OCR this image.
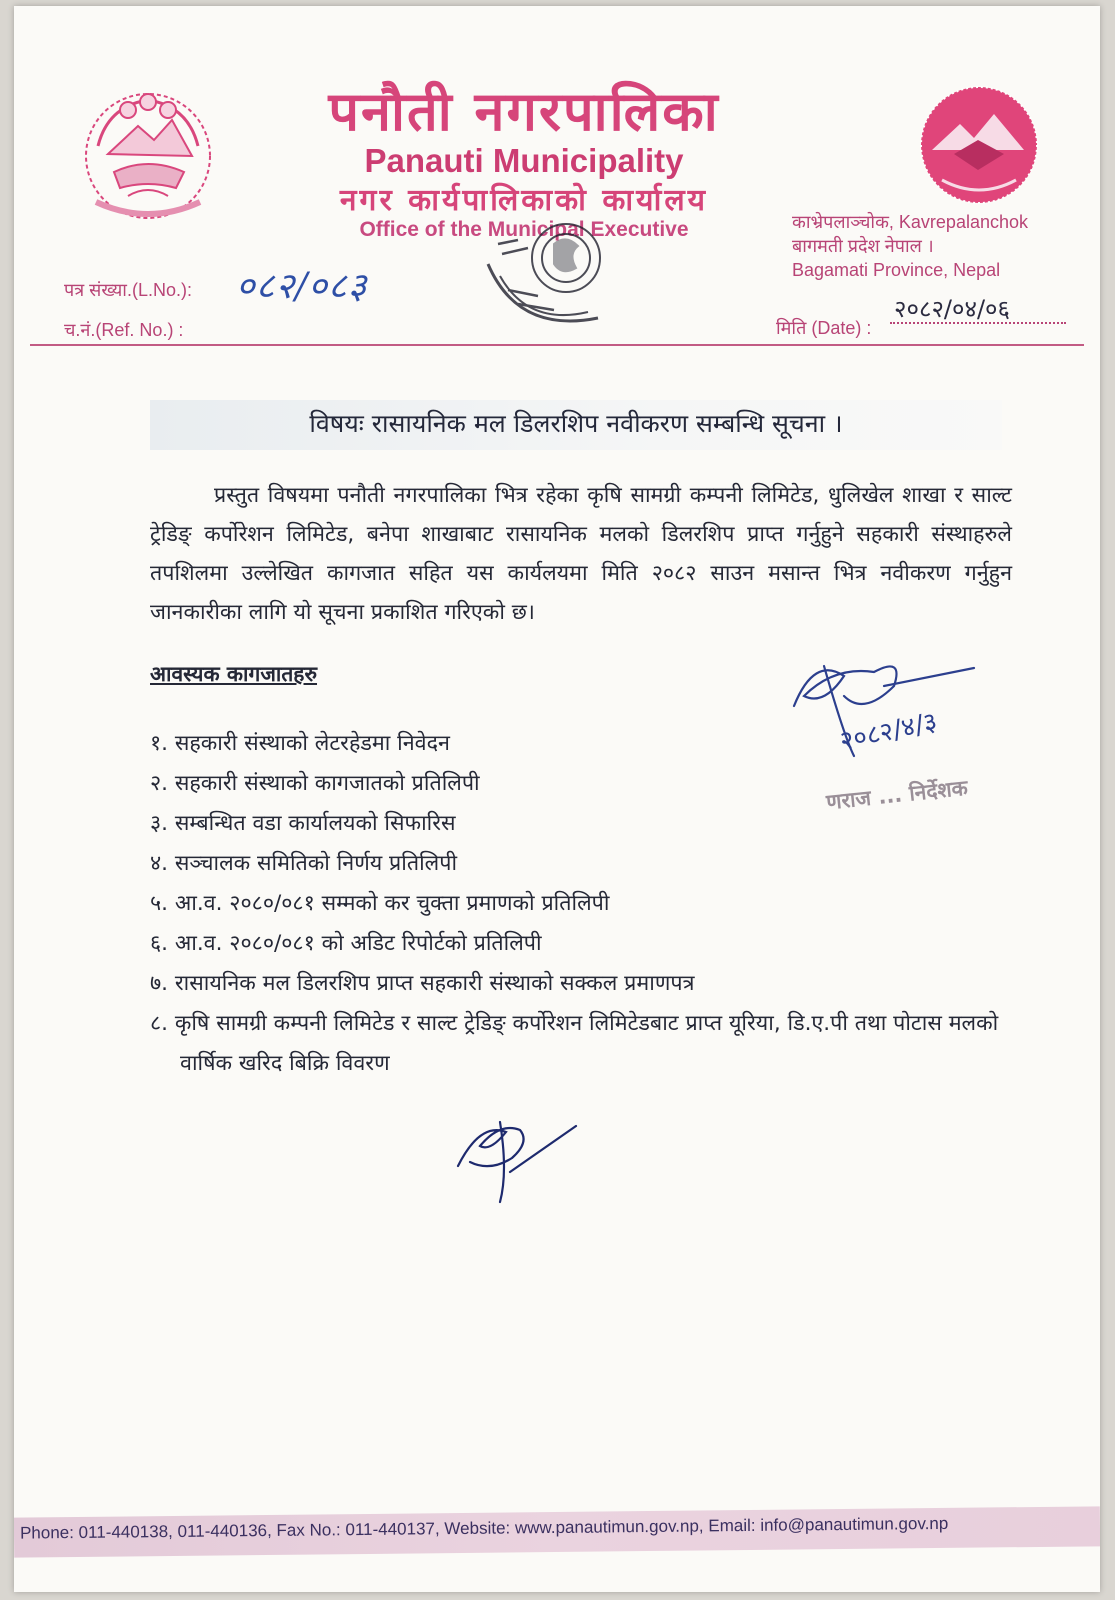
पनौती नगरपालिका
Panauti Municipality
नगर कार्यपालिकाको कार्यालय
Office of the Municipal Executive	काभ्रेपलाञ्चोक, Kavrepalanchok
बागमती प्रदेश नेपाल ।
Bagamati Province, Nepal
पत्र संख्या.(L.No.): ०८२/०८३
च.नं.(Ref. No.) :	मिति (Date) :
२०८२/०४/०६
विषयः रासायनिक मल डिलरशिप नवीकरण सम्बन्धि सूचना ।

प्रस्तुत विषयमा पनौती नगरपालिका भित्र रहेका कृषि सामग्री कम्पनी लिमिटेड, धुलिखेल शाखा र साल्ट ट्रेडिङ् कर्पोरेशन लिमिटेड, बनेपा शाखाबाट रासायनिक मलको डिलरशिप प्राप्त गर्नुहुने सहकारी संस्थाहरुले तपशिलमा उल्लेखित कागजात सहित यस कार्यलयमा मिति २०८२ साउन मसान्त भित्र नवीकरण गर्नुहुन जानकारीका लागि यो सूचना प्रकाशित गरिएको छ।

आवस्यक कागजातहरु
१. सहकारी संस्थाको लेटरहेडमा निवेदन
२. सहकारी संस्थाको कागजातको प्रतिलिपी
३. सम्बन्धित वडा कार्यालयको सिफारिस
४. सञ्चालक समितिको निर्णय प्रतिलिपी
५. आ.व. २०८०/०८१ सम्मको कर चुक्ता प्रमाणको प्रतिलिपी
६. आ.व. २०८०/०८१ को अडिट रिपोर्टको प्रतिलिपी
७. रासायनिक मल डिलरशिप प्राप्त सहकारी संस्थाको सक्कल प्रमाणपत्र
८. कृषि सामग्री कम्पनी लिमिटेड र साल्ट ट्रेडिङ् कर्पोरेशन लिमिटेडबाट प्राप्त यूरिया, डि.ए.पी तथा पोटास मलको वार्षिक खरिद बिक्रि विवरण
२०८२/४/३
णराज ... निर्देशक

Phone: 011-440138, 011-440136, Fax No.: 011-440137, Website: www.panautimun.gov.np, Email: info@panautimun.gov.np
